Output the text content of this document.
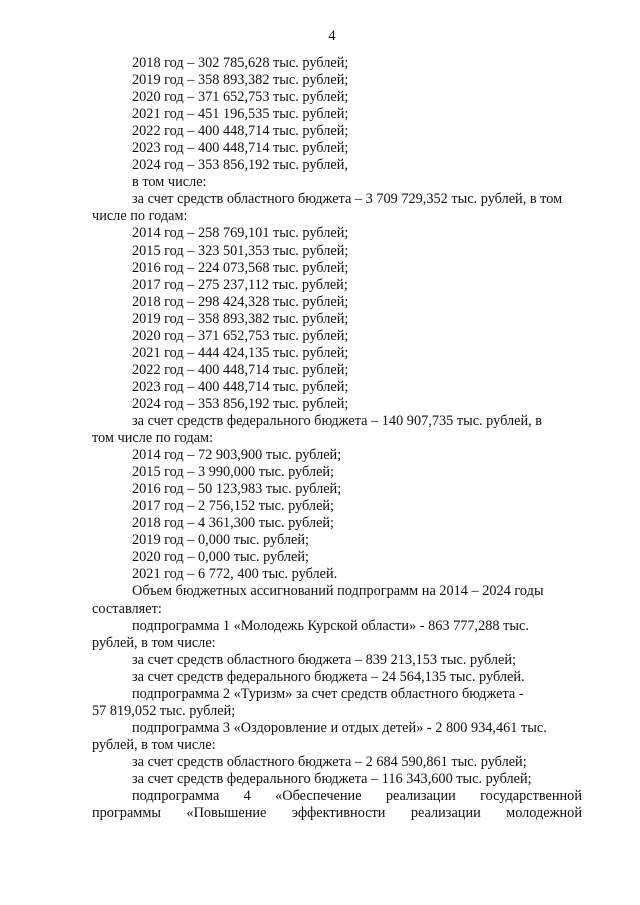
4
2018 год – 302 785,628 тыс. рублей;
2019 год – 358 893,382 тыс. рублей;
2020 год – 371 652,753 тыс. рублей;
2021 год – 451 196,535 тыс. рублей;
2022 год – 400 448,714 тыс. рублей;
2023 год – 400 448,714 тыс. рублей;
2024 год – 353 856,192 тыс. рублей,
в том числе:
за счет средств областного бюджета – 3 709 729,352 тыс. рублей, в том
числе по годам:
2014 год – 258 769,101 тыс. рублей;
2015 год – 323 501,353 тыс. рублей;
2016 год – 224 073,568 тыс. рублей;
2017 год – 275 237,112 тыс. рублей;
2018 год – 298 424,328 тыс. рублей;
2019 год – 358 893,382 тыс. рублей;
2020 год – 371 652,753 тыс. рублей;
2021 год – 444 424,135 тыс. рублей;
2022 год – 400 448,714 тыс. рублей;
2023 год – 400 448,714 тыс. рублей;
2024 год – 353 856,192 тыс. рублей;
за счет средств федерального бюджета – 140 907,735 тыс. рублей, в
том числе по годам:
2014 год – 72 903,900 тыс. рублей;
2015 год – 3 990,000 тыс. рублей;
2016 год – 50 123,983 тыс. рублей;
2017 год – 2 756,152 тыс. рублей;
2018 год – 4 361,300 тыс. рублей;
2019 год – 0,000 тыс. рублей;
2020 год – 0,000 тыс. рублей;
2021 год – 6 772, 400 тыс. рублей.
Объем бюджетных ассигнований подпрограмм на 2014 – 2024 годы
составляет:
подпрограмма 1 «Молодежь Курской области» - 863 777,288 тыс.
рублей, в том числе:
за счет средств областного бюджета – 839 213,153 тыс. рублей;
за счет средств федерального бюджета – 24 564,135 тыс. рублей.
подпрограмма 2 «Туризм» за счет средств областного бюджета -
57 819,052 тыс. рублей;
подпрограмма 3 «Оздоровление и отдых детей» - 2 800 934,461 тыс.
рублей, в том числе:
за счет средств областного бюджета – 2 684 590,861 тыс. рублей;
за счет средств федерального бюджета – 116 343,600 тыс. рублей;
подпрограмма 4 «Обеспечение реализации государственной
программы «Повышение эффективности реализации молодежной
